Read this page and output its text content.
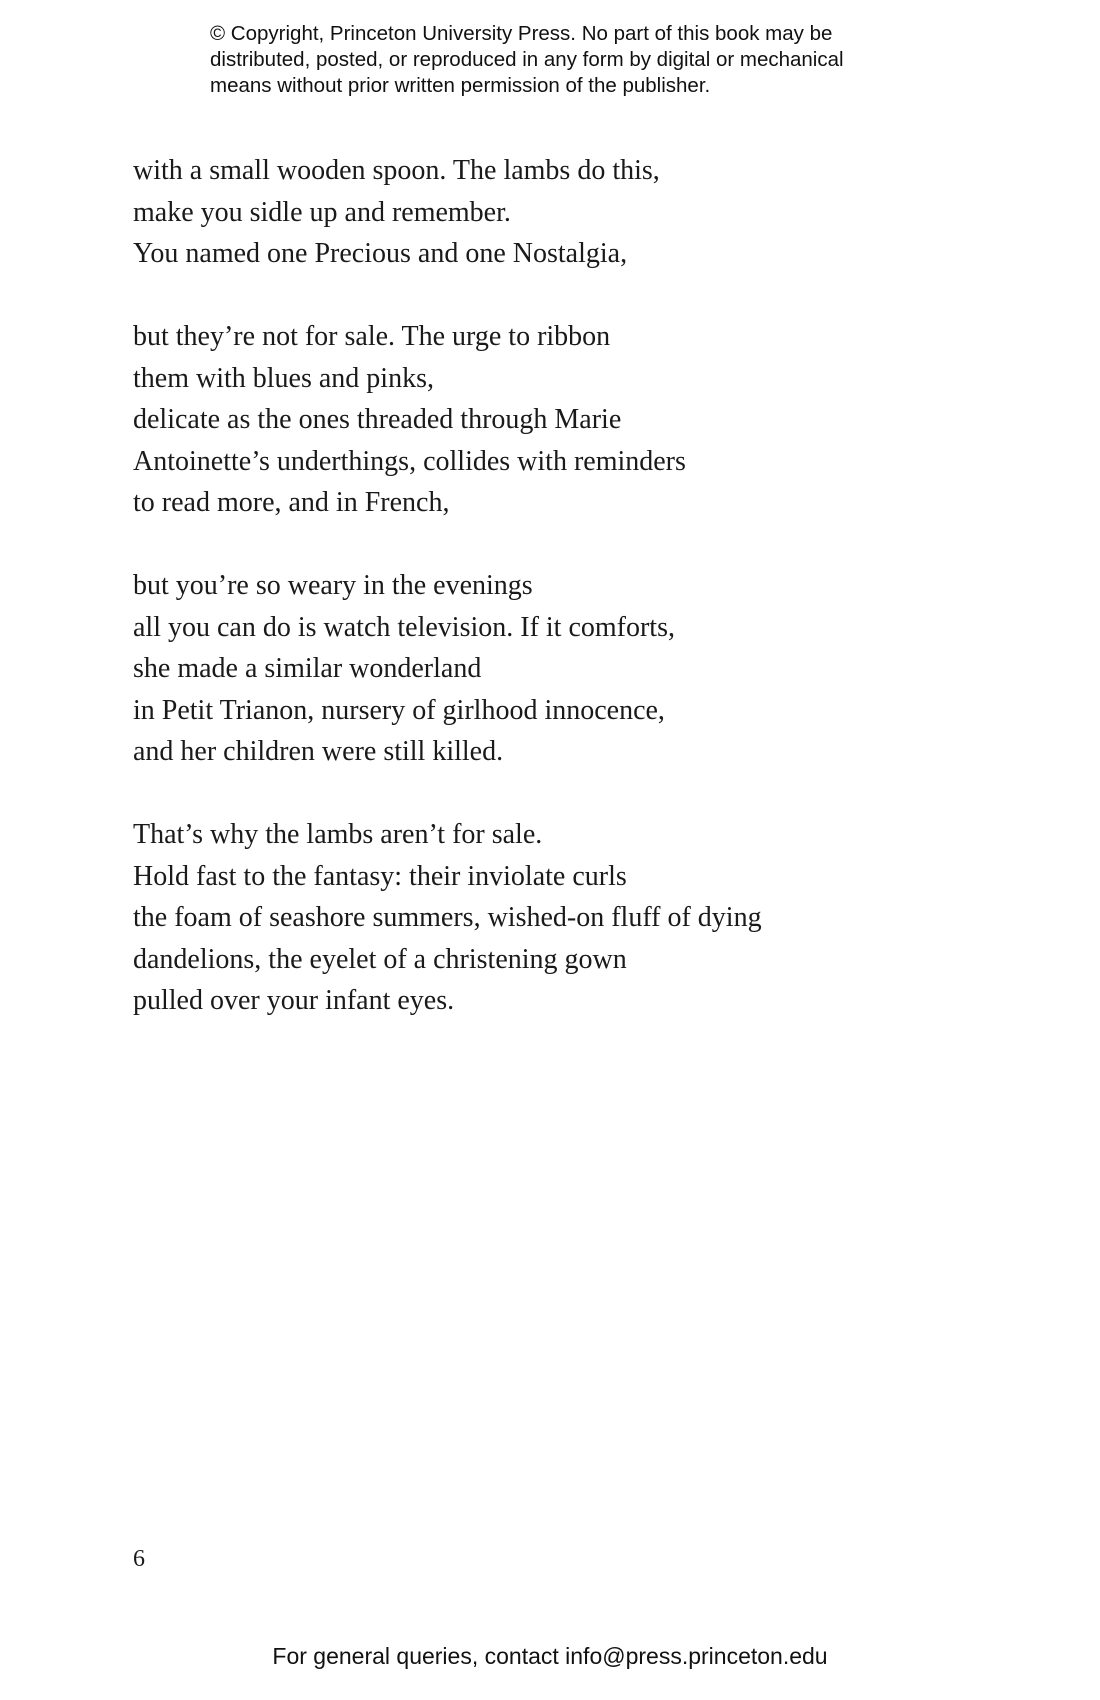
© Copyright, Princeton University Press. No part of this book may be
distributed, posted, or reproduced in any form by digital or mechanical
means without prior written permission of the publisher.
with a small wooden spoon. The lambs do this,
make you sidle up and remember.
You named one Precious and one Nostalgia,
but they’re not for sale. The urge to ribbon
them with blues and pinks,
delicate as the ones threaded through Marie
Antoinette’s underthings, collides with reminders
to read more, and in French,
but you’re so weary in the evenings
all you can do is watch television. If it comforts,
she made a similar wonderland
in Petit Trianon, nursery of girlhood innocence,
and her children were still killed.
That’s why the lambs aren’t for sale.
Hold fast to the fantasy: their inviolate curls
the foam of seashore summers, wished-on fluff of dying
dandelions, the eyelet of a christening gown
pulled over your infant eyes.
6
For general queries, contact info@press.princeton.edu
